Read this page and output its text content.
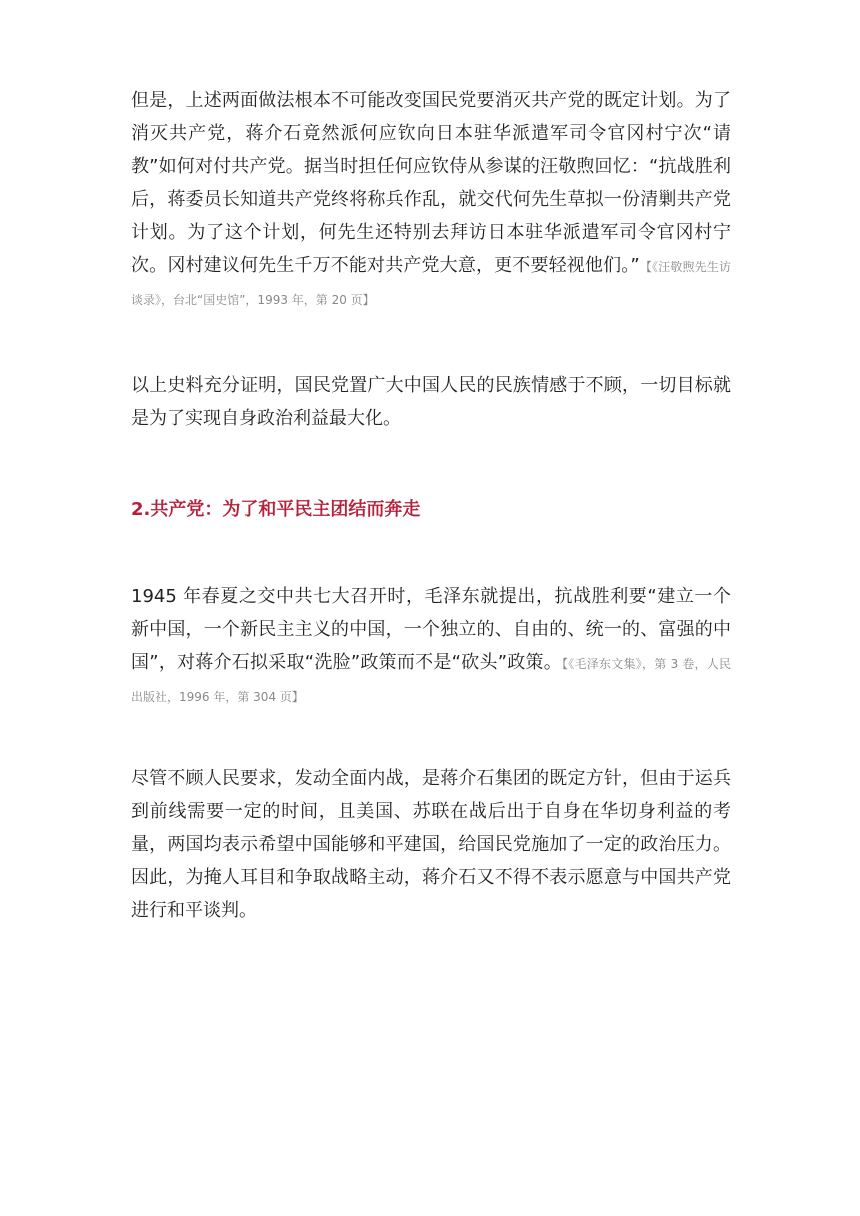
但是，上述两面做法根本不可能改变国民党要消灭共产党的既定计划。为了消灭共产党，蒋介石竟然派何应钦向日本驻华派遣军司令官冈村宁次“请教”如何对付共产党。据当时担任何应钦侍从参谋的汪敬煦回忆：“抗战胜利后，蒋委员长知道共产党终将称兵作乱，就交代何先生草拟一份清剿共产党计划。为了这个计划，何先生还特别去拜访日本驻华派遣军司令官冈村宁次。冈村建议何先生千万不能对共产党大意，更不要轻视他们。”【《汪敬煦先生访谈录》，台北“国史馆”，1993 年，第 20 页】

以上史料充分证明，国民党置广大中国人民的民族情感于不顾，一切目标就是为了实现自身政治利益最大化。

2.共产党：为了和平民主团结而奔走

1945 年春夏之交中共七大召开时，毛泽东就提出，抗战胜利要“建立一个新中国，一个新民主主义的中国，一个独立的、自由的、统一的、富强的中国”，对蒋介石拟采取“洗脸”政策而不是“砍头”政策。【《毛泽东文集》，第 3 卷，人民出版社，1996 年，第 304 页】

尽管不顾人民要求，发动全面内战，是蒋介石集团的既定方针，但由于运兵到前线需要一定的时间，且美国、苏联在战后出于自身在华切身利益的考量，两国均表示希望中国能够和平建国，给国民党施加了一定的政治压力。因此，为掩人耳目和争取战略主动，蒋介石又不得不表示愿意与中国共产党进行和平谈判。
